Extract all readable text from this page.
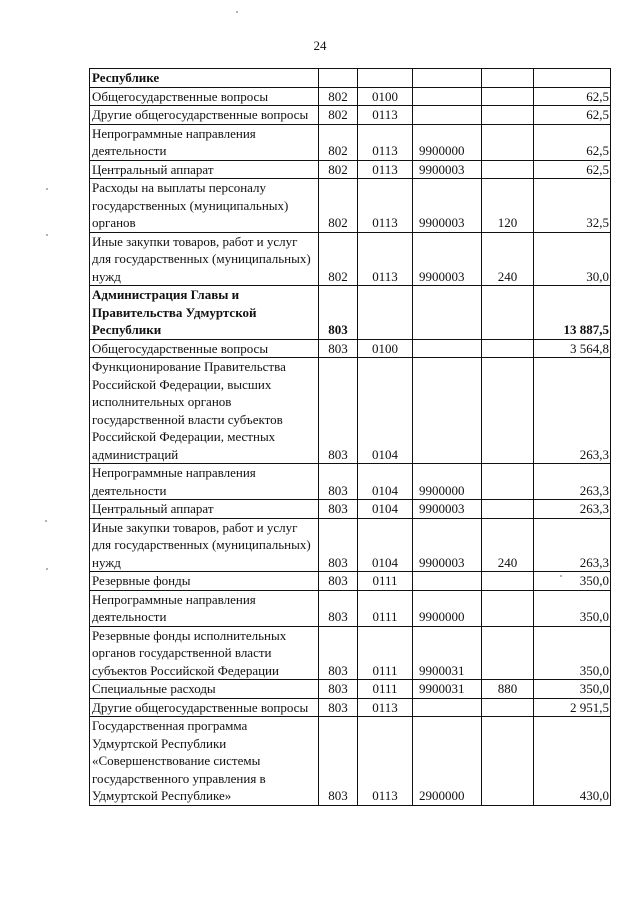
24
Республике					
Общегосударственные вопросы	802	0100			62,5
Другие общегосударственные вопросы	802	0113			62,5
Непрограммные направления деятельности	802	0113	9900000		62,5
Центральный аппарат	802	0113	9900003		62,5
Расходы на выплаты персоналу государственных (муниципальных) органов	802	0113	9900003	120	32,5
Иные закупки товаров, работ и услуг для государственных (муниципальных) нужд	802	0113	9900003	240	30,0
Администрация Главы и Правительства Удмуртской Республики	803				13 887,5
Общегосударственные вопросы	803	0100			3 564,8
Функционирование Правительства Российской Федерации, высших исполнительных органов государственной власти субъектов Российской Федерации, местных администраций	803	0104			263,3
Непрограммные направления деятельности	803	0104	9900000		263,3
Центральный аппарат	803	0104	9900003		263,3
Иные закупки товаров, работ и услуг для государственных (муниципальных) нужд	803	0104	9900003	240	263,3
Резервные фонды	803	0111			350,0
Непрограммные направления деятельности	803	0111	9900000		350,0
Резервные фонды исполнительных органов государственной власти субъектов Российской Федерации	803	0111	9900031		350,0
Специальные расходы	803	0111	9900031	880	350,0
Другие общегосударственные вопросы	803	0113			2 951,5
Государственная программа Удмуртской Республики «Совершенствование системы государственного управления в Удмуртской Республике»	803	0113	2900000		430,0
